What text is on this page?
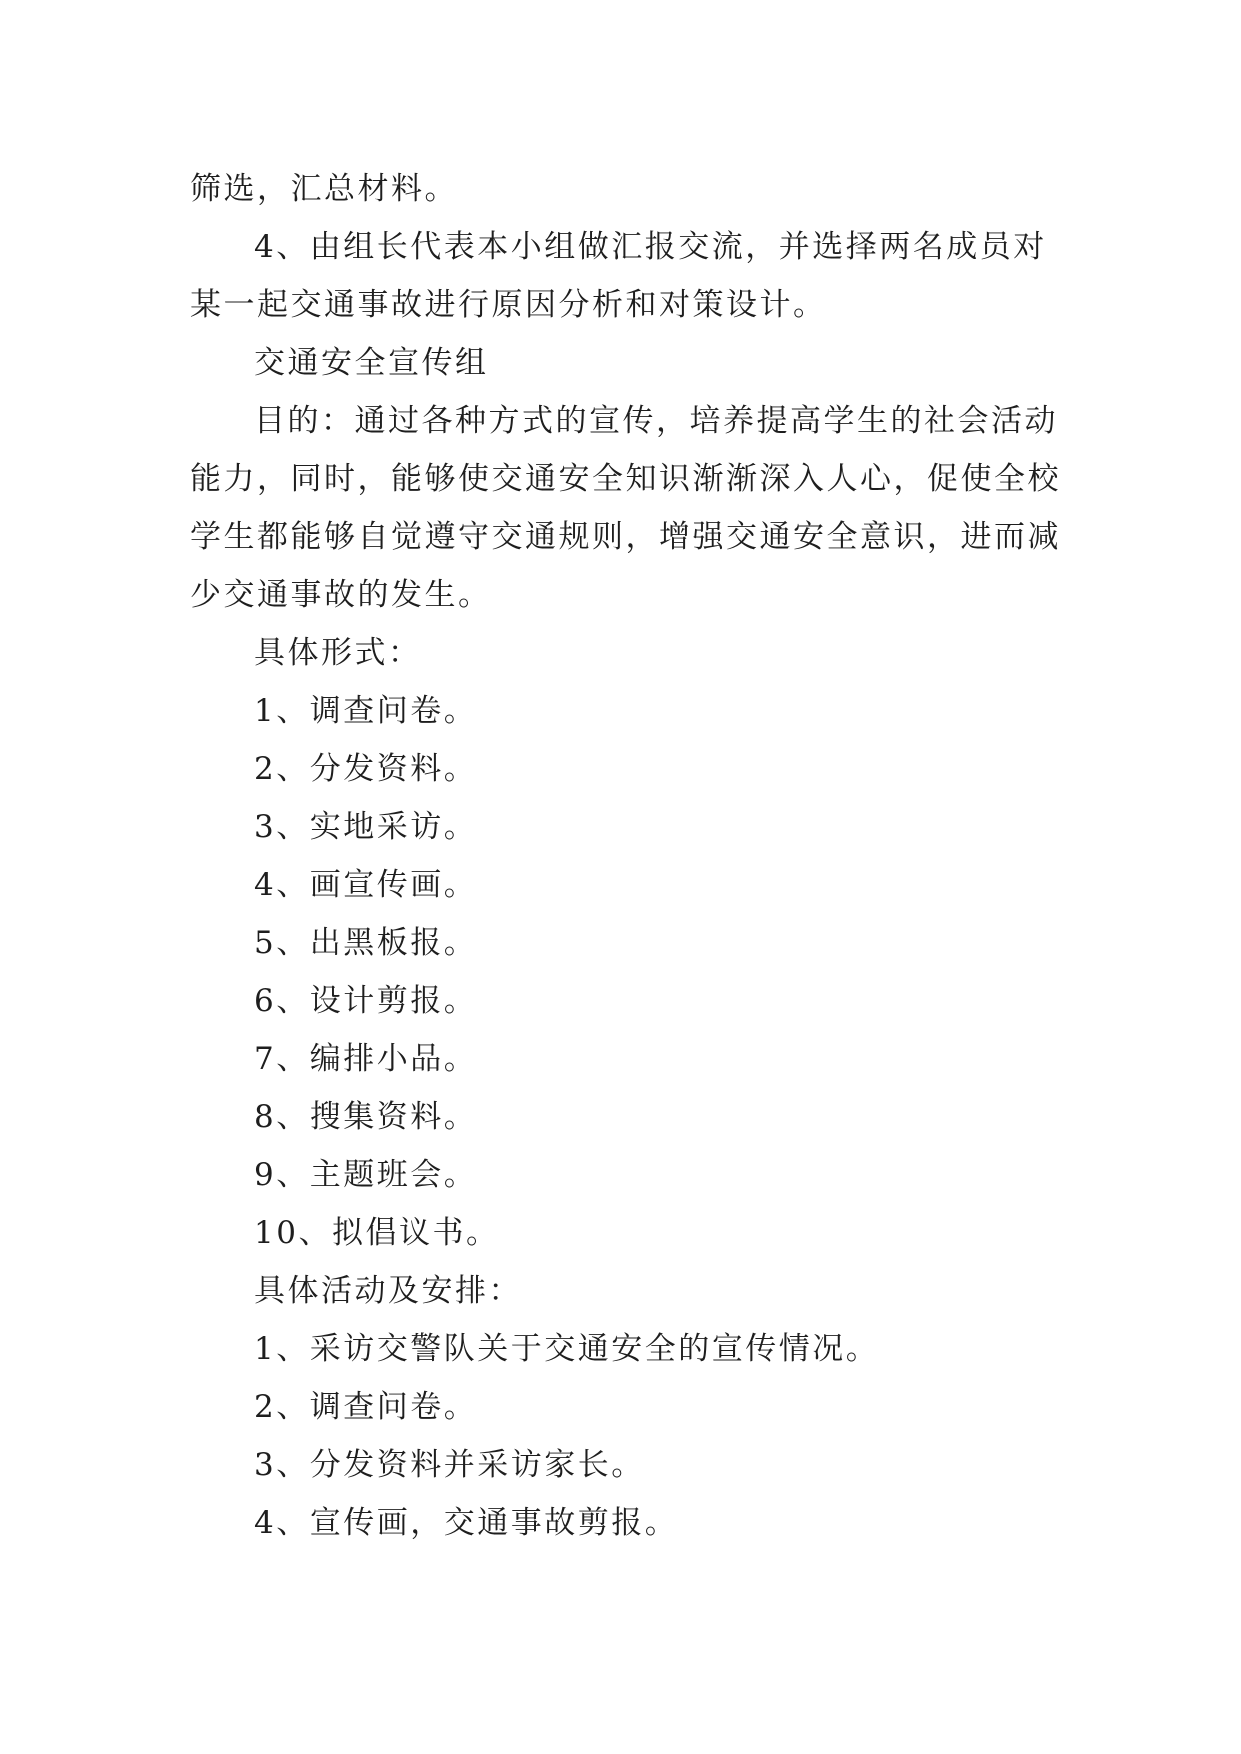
筛选，汇总材料。
4、由组长代表本小组做汇报交流，并选择两名成员对
某一起交通事故进行原因分析和对策设计。
交通安全宣传组
目的：通过各种方式的宣传，培养提高学生的社会活动
能力，同时，能够使交通安全知识渐渐深入人心，促使全校
学生都能够自觉遵守交通规则，增强交通安全意识，进而减
少交通事故的发生。
具体形式：
1、调查问卷。
2、分发资料。
3、实地采访。
4、画宣传画。
5、出黑板报。
6、设计剪报。
7、编排小品。
8、搜集资料。
9、主题班会。
10、拟倡议书。
具体活动及安排：
1、采访交警队关于交通安全的宣传情况。
2、调查问卷。
3、分发资料并采访家长。
4、宣传画，交通事故剪报。
